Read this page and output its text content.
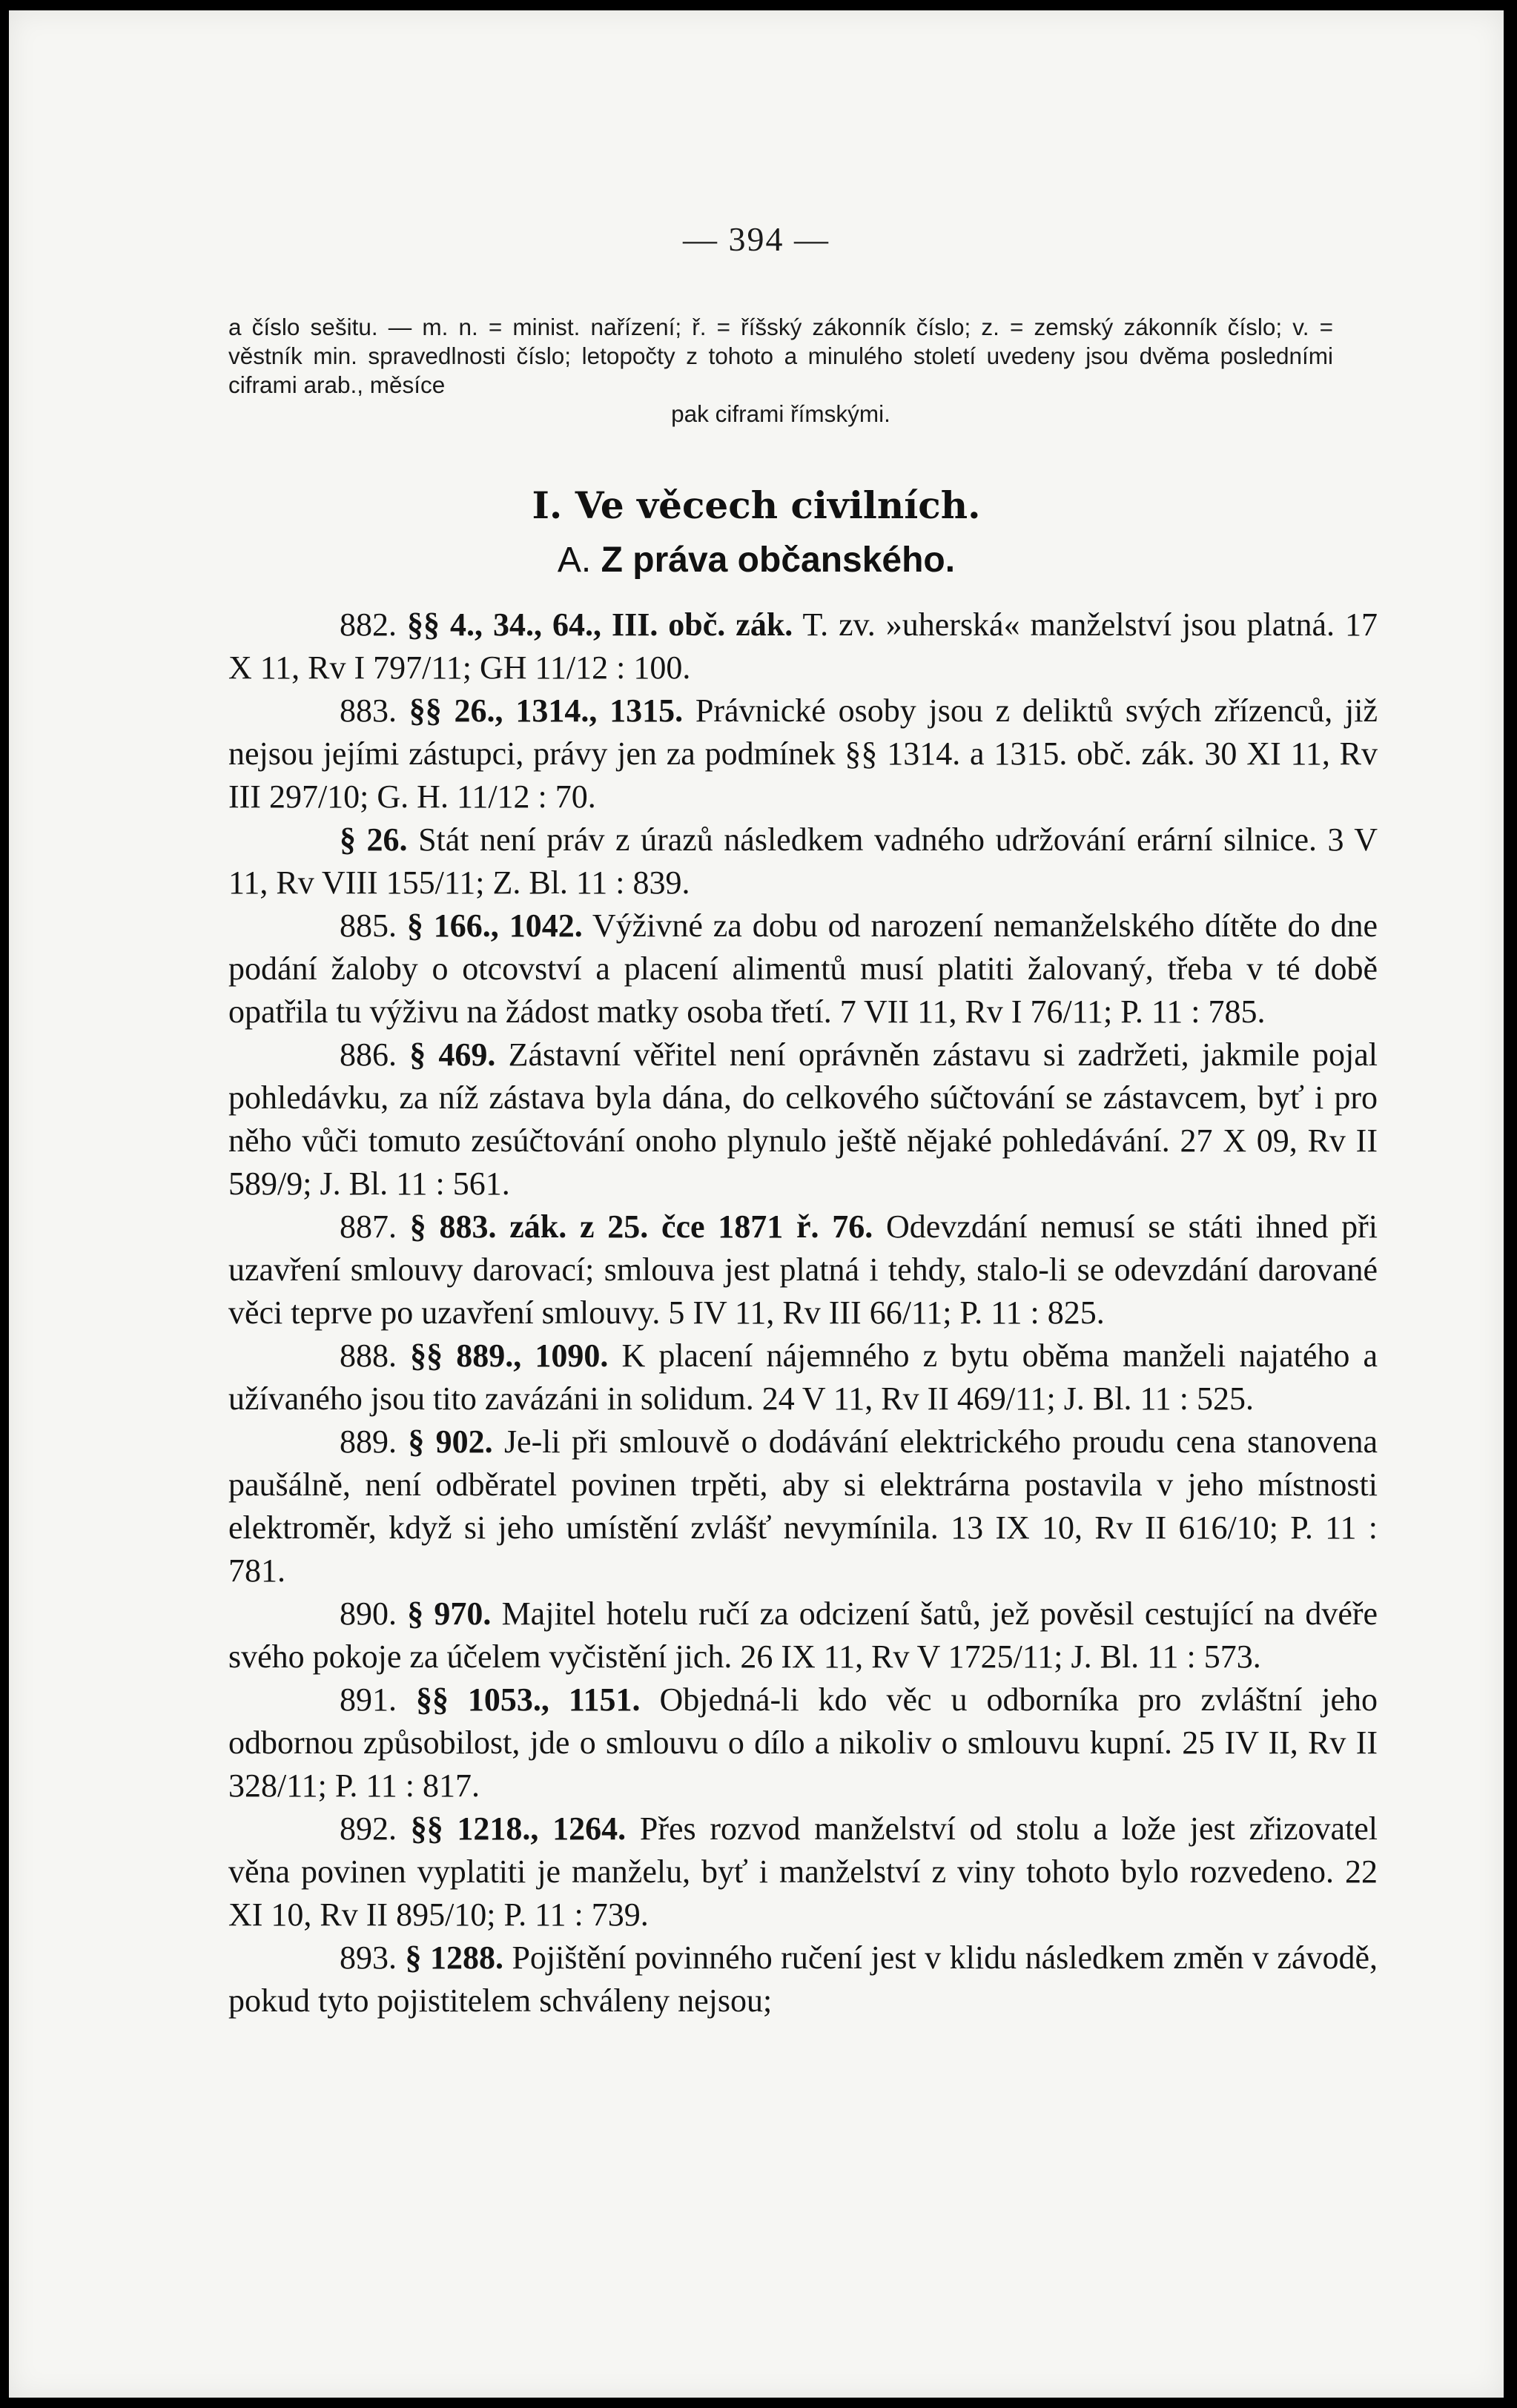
— 394 —
a číslo sešitu. — m. n. = minist. nařízení; ř. = říšský zákonník číslo; z. = zemský zákonník číslo; v. = věstník min. spravedlnosti číslo; letopočty z tohoto a minulého století uvedeny jsou dvěma posledními ciframi arab., měsíce
pak ciframi římskými.
I. Ve věcech civilních.
A. Z práva občanského.

882. §§ 4., 34., 64., III. obč. zák. T. zv. »uherská« manželství jsou platná. 17 X 11, Rv I 797/11; GH 11/12 : 100.

883. §§ 26., 1314., 1315. Právnické osoby jsou z deliktů svých zřízenců, již nejsou jejími zástupci, právy jen za podmínek §§ 1314. a 1315. obč. zák. 30 XI 11, Rv III 297/10; G. H. 11/12 : 70.

§ 26. Stát není práv z úrazů následkem vadného udržování erární silnice. 3 V 11, Rv VIII 155/11; Z. Bl. 11 : 839.

885. § 166., 1042. Výživné za dobu od narození nemanželského dítěte do dne podání žaloby o otcovství a placení alimentů musí platiti žalovaný, třeba v té době opatřila tu výživu na žádost matky osoba třetí. 7 VII 11, Rv I 76/11; P. 11 : 785.

886. § 469. Zástavní věřitel není oprávněn zástavu si zadržeti, jakmile pojal pohledávku, za níž zástava byla dána, do celkového súčtování se zástavcem, byť i pro něho vůči tomuto zesúčtování onoho plynulo ještě nějaké pohledávání. 27 X 09, Rv II 589/9; J. Bl. 11 : 561.

887. § 883. zák. z 25. čce 1871 ř. 76. Odevzdání nemusí se státi ihned při uzavření smlouvy darovací; smlouva jest platná i tehdy, stalo-li se odevzdání darované věci teprve po uzavření smlouvy. 5 IV 11, Rv III 66/11; P. 11 : 825.

888. §§ 889., 1090. K placení nájemného z bytu oběma manželi najatého a užívaného jsou tito zavázáni in solidum. 24 V 11, Rv II 469/11; J. Bl. 11 : 525.

889. § 902. Je-li při smlouvě o dodávání elektrického proudu cena stanovena paušálně, není odběratel povinen trpěti, aby si elektrárna postavila v jeho místnosti elektroměr, když si jeho umístění zvlášť nevymínila. 13 IX 10, Rv II 616/10; P. 11 : 781.

890. § 970. Majitel hotelu ručí za odcizení šatů, jež pověsil cestující na dvéře svého pokoje za účelem vyčistění jich. 26 IX 11, Rv V 1725/11; J. Bl. 11 : 573.

891. §§ 1053., 1151. Objedná-li kdo věc u odborníka pro zvláštní jeho odbornou způsobilost, jde o smlouvu o dílo a nikoliv o smlouvu kupní. 25 IV II, Rv II 328/11; P. 11 : 817.

892. §§ 1218., 1264. Přes rozvod manželství od stolu a lože jest zřizovatel věna povinen vyplatiti je manželu, byť i manželství z viny tohoto bylo rozvedeno. 22 XI 10, Rv II 895/10; P. 11 : 739.

893. § 1288. Pojištění povinného ručení jest v klidu následkem změn v závodě, pokud tyto pojistitelem schváleny nejsou;
